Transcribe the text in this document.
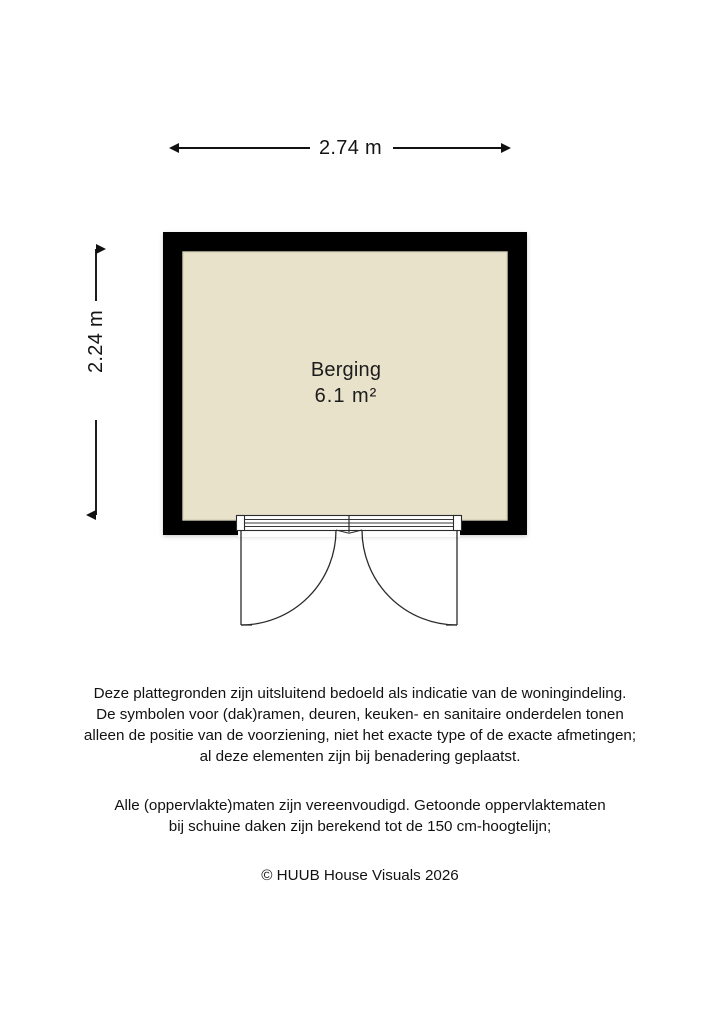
2.74 m
2.24 m	Berging
6.1 m²

Deze plattegronden zijn uitsluitend bedoeld als indicatie van de woningindeling.
De symbolen voor (dak)ramen, deuren, keuken- en sanitaire onderdelen tonen
alleen de positie van de voorziening, niet het exacte type of de exacte afmetingen;
al deze elementen zijn bij benadering geplaatst.

Alle (oppervlakte)maten zijn vereenvoudigd. Getoonde oppervlaktematen
bij schuine daken zijn berekend tot de 150 cm-hoogtelijn;

© HUUB House Visuals 2026
